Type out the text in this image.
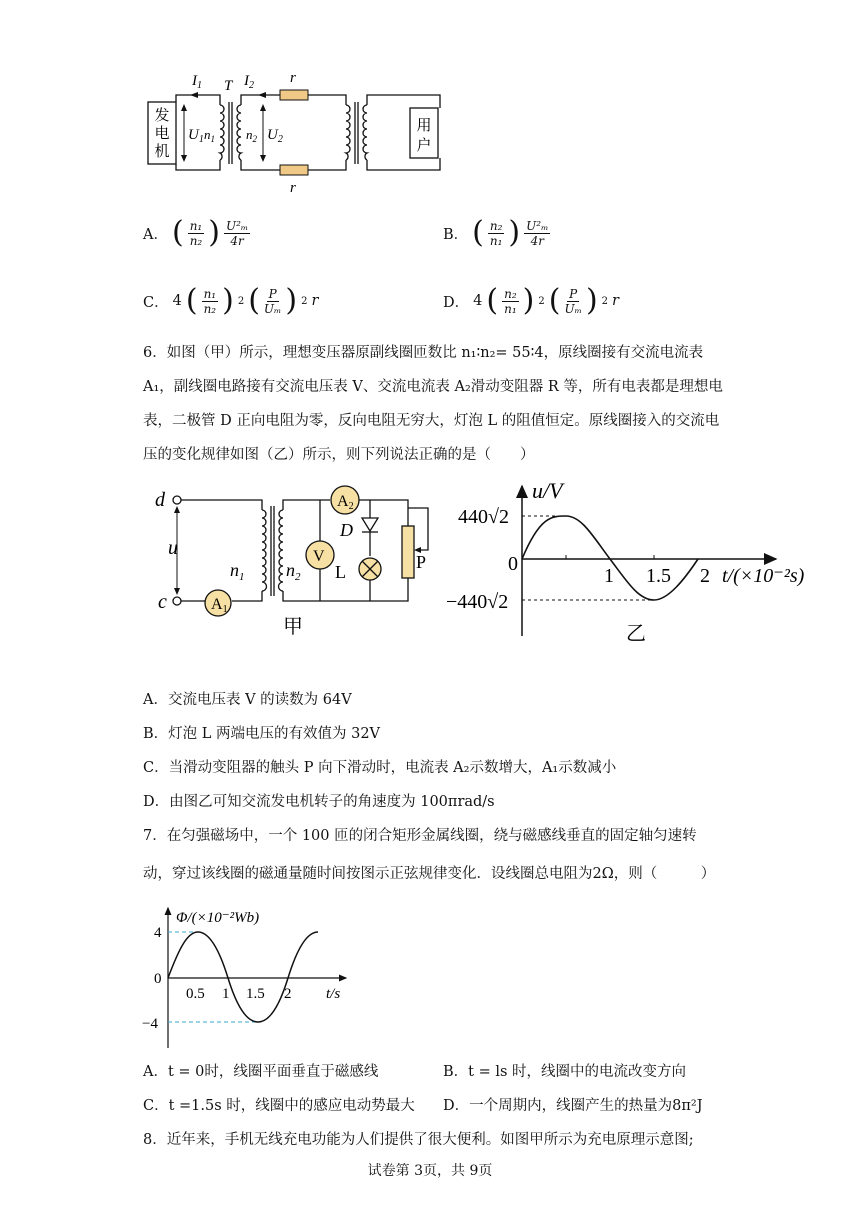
发
电
机
用
户
$I_1$ T $I_2$ r
r
$U_1$ $n_1$ $n_2$ $U_2$
A． ( $\frac{\text{n₁}}{\text{n₂}}$ ) $\frac{\text{U²ₘ}}{4r}$	B． ( $\frac{\text{n₂}}{\text{n₁}}$ ) $\frac{\text{U²ₘ}}{4r}$
C． 4 ( $\frac{\text{n₁}}{\text{n₂}}$ ) 2 ( $\frac{P}{\text{Uₘ}}$ ) 2 r	D． 4 ( $\frac{\text{n₂}}{\text{n₁}}$ ) 2 ( $\frac{P}{\text{Uₘ}}$ ) 2 r
6．如图（甲）所示，理想变压器原副线圈匝数比 n₁∶n₂= 55∶4，原线圈接有交流电流表 A₁，副线圈电路接有交流电压表 V、交流电流表 A₂滑动变阻器 R 等，所有电表都是理想电表，二极管 D 正向电阻为零，反向电阻无穷大，灯泡 L 的阻值恒定。原线圈接入的交流电压的变化规律如图（乙）所示，则下列说法正确的是（　　）
A1
A2
V
d
c
u
$n_1$ $n_2$
D
L	P
甲
u/V
440√2
−440√2
0
1 1.5 2 t/(×10⁻²s)
乙
A．交流电压表 V 的读数为 64V
B．灯泡 L 两端电压的有效值为 32V
C．当滑动变阻器的触头 P 向下滑动时，电流表 A₂示数增大，A₁示数减小
D．由图乙可知交流发电机转子的角速度为 100πrad/s
7．在匀强磁场中，一个 100 匝的闭合矩形金属线圈，绕与磁感线垂直的固定轴匀速转
动，穿过该线圈的磁通量随时间按图示正弦规律变化．设线圈总电阻为2Ω，则（　　　）
Φ/(×10⁻²Wb)
4
0
−4
0.5 1 1.5 2 t/s
A．t = 0时，线圈平面垂直于磁感线	B．t = ls 时，线圈中的电流改变方向
C．t =1.5s 时，线圈中的感应电动势最大 D．一个周期内，线圈产生的热量为8π²J
8．近年来，手机无线充电功能为人们提供了很大便利。如图甲所示为充电原理示意图;
试卷第 3页，共 9页
